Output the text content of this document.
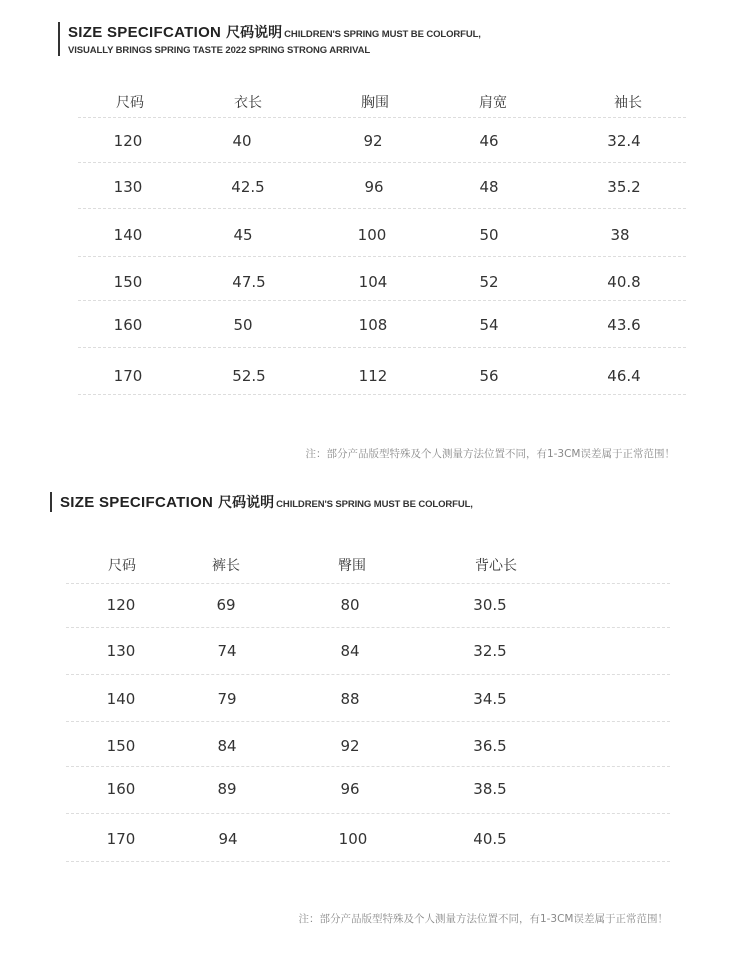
SIZE SPECIFCATION 尺码说明 CHILDREN'S SPRING MUST BE COLORFUL,
VISUALLY BRINGS SPRING TASTE 2022 SPRING STRONG ARRIVAL
尺码	衣长	胸围	肩宽	袖长
120	40	92	46	32.4
130	42.5	96	48	35.2
140	45	100	50	38
150	47.5	104	52	40.8
160	50	108	54	43.6
170	52.5	112	56	46.4
注：部分产品版型特殊及个人测量方法位置不同，有1-3CM误差属于正常范围！
SIZE SPECIFCATION 尺码说明 CHILDREN'S SPRING MUST BE COLORFUL,
尺码	裤长	臀围	背心长
120	69	80	30.5
130	74	84	32.5
140	79	88	34.5
150	84	92	36.5
160	89	96	38.5
170	94	100	40.5
注：部分产品版型特殊及个人测量方法位置不同，有1-3CM误差属于正常范围！
